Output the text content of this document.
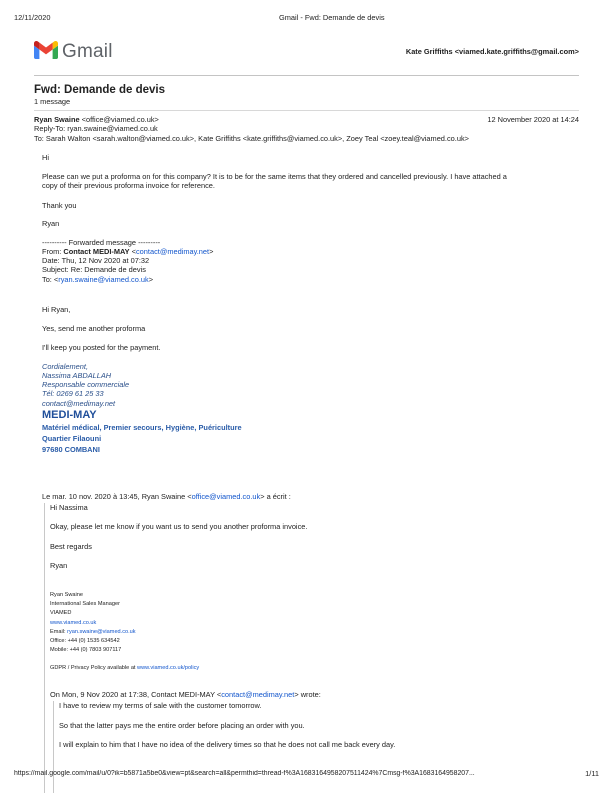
12/11/2020	Gmail - Fwd: Demande de devis
Gmail	Kate Griffiths <viamed.kate.griffiths@gmail.com>
Fwd: Demande de devis
1 message
Ryan Swaine <office@viamed.co.uk>	12 November 2020 at 14:24
Reply-To: ryan.swaine@viamed.co.uk
To: Sarah Walton <sarah.walton@viamed.co.uk>, Kate Griffiths <kate.griffiths@viamed.co.uk>, Zoey Teal <zoey.teal@viamed.co.uk>
Hi
Please can we put a proforma on for this company? It is to be for the same items that they ordered and cancelled previously. I have attached a
copy of their previous proforma invoice for reference.
Thank you
Ryan
---------- Forwarded message ---------
From: Contact MEDI-MAY <contact@medimay.net>
Date: Thu, 12 Nov 2020 at 07:32
Subject: Re: Demande de devis
To: <ryan.swaine@viamed.co.uk>
Hi Ryan,
Yes, send me another proforma
I'll keep you posted for the payment.
Cordialement,
Nassima ABDALLAH
Responsable commerciale
Tél: 0269 61 25 33
contact@medimay.net
MEDI-MAY
Matériel médical, Premier secours, Hygiène, Puériculture
Quartier Filaouni
97680 COMBANI
Le mar. 10 nov. 2020 à 13:45, Ryan Swaine <office@viamed.co.uk> a écrit :
Hi Nassima
Okay, please let me know if you want us to send you another proforma invoice.
Best regards
Ryan
Ryan Swaine
International Sales Manager
VIAMED
www.viamed.co.uk
Email: ryan.swaine@viamed.co.uk
Office: +44 (0) 1535 634542
Mobile: +44 (0) 7803 907117
GDPR / Privacy Policy available at www.viamed.co.uk/policy
On Mon, 9 Nov 2020 at 17:38, Contact MEDI-MAY <contact@medimay.net> wrote:
I have to review my terms of sale with the customer tomorrow.
So that the latter pays me the entire order before placing an order with you.
I will explain to him that I have no idea of the delivery times so that he does not call me back every day.
https://mail.google.com/mail/u/0?ik=b5871a5be0&view=pt&search=all&permthid=thread-f%3A1683164958207511424%7Cmsg-f%3A1683164958207...	1/11
